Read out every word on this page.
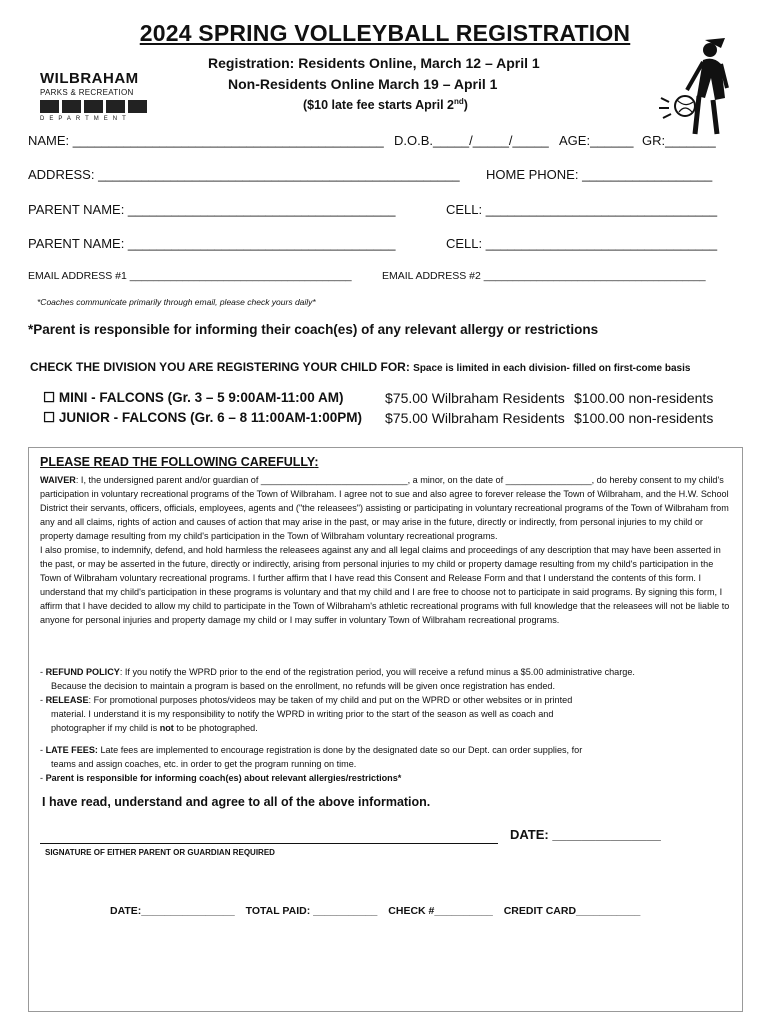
2024 SPRING VOLLEYBALL REGISTRATION
WILBRAHAM
PARKS & RECREATION
DEPARTMENT
Registration: Residents Online, March 12 – April 1
Non-Residents Online March 19 – April 1
($10 late fee starts April 2nd)
NAME: ___________________________________________ D.O.B._____/_____/_____ AGE:______ GR:_______
ADDRESS: __________________________________________________ HOME PHONE: __________________
PARENT NAME: _____________________________________	CELL: ________________________________
PARENT NAME: _____________________________________	CELL: ________________________________
EMAIL ADDRESS #1 ______________________________________	EMAIL ADDRESS #2 ______________________________________
*Coaches communicate primarily through email, please check yours daily*
*Parent is responsible for informing their coach(es) of any relevant allergy or restrictions
CHECK THE DIVISION YOU ARE REGISTERING YOUR CHILD FOR: Space is limited in each division- filled on first-come basis
☐ MINI - FALCONS (Gr. 3 – 5 9:00AM-11:00 AM)	$75.00 Wilbraham Residents $100.00 non-residents
☐ JUNIOR - FALCONS (Gr. 6 – 8 11:00AM-1:00PM) $75.00 Wilbraham Residents $100.00 non-residents
PLEASE READ THE FOLLOWING CAREFULLY:
WAIVER: I, the undersigned parent and/or guardian of _____________________________, a minor, on the date of _________________, do hereby consent to my child's participation in voluntary recreational programs of the Town of Wilbraham. I agree not to sue and also agree to forever release the Town of Wilbraham, and the H.W. School District their servants, officers, officials, employees, agents and ("the releasees") assisting or participating in voluntary recreational programs of the Town of Wilbraham from any and all claims, rights of action and causes of action that may arise in the past, or may arise in the future, directly or indirectly, from personal injuries to my child or property damage resulting from my child's participation in the Town of Wilbraham voluntary recreational programs.
I also promise, to indemnify, defend, and hold harmless the releasees against any and all legal claims and proceedings of any description that may have been asserted in the past, or may be asserted in the future, directly or indirectly, arising from personal injuries to my child or property damage resulting from my child's participation in the Town of Wilbraham voluntary recreational programs. I further affirm that I have read this Consent and Release Form and that I understand the contents of this form. I understand that my child's participation in these programs is voluntary and that my child and I are free to choose not to participate in said programs. By signing this form, I affirm that I have decided to allow my child to participate in the Town of Wilbraham's athletic recreational programs with full knowledge that the releasees will not be liable to anyone for personal injuries and property damage my child or I may suffer in voluntary Town of Wilbraham recreational programs.
- REFUND POLICY: If you notify the WPRD prior to the end of the registration period, you will receive a refund minus a $5.00 administrative charge.
Because the decision to maintain a program is based on the enrollment, no refunds will be given once registration has ended.
- RELEASE: For promotional purposes photos/videos may be taken of my child and put on the WPRD or other websites or in printed
material. I understand it is my responsibility to notify the WPRD in writing prior to the start of the season as well as coach and
photographer if my child is not to be photographed.
- LATE FEES: Late fees are implemented to encourage registration is done by the designated date so our Dept. can order supplies, for
teams and assign coaches, etc. in order to get the program running on time.
- Parent is responsible for informing coach(es) about relevant allergies/restrictions*
I have read, understand and agree to all of the above information.
DATE: _______________
SIGNATURE OF EITHER PARENT OR GUARDIAN REQUIRED
DATE:________________ TOTAL PAID: ___________ CHECK #__________ CREDIT CARD___________
